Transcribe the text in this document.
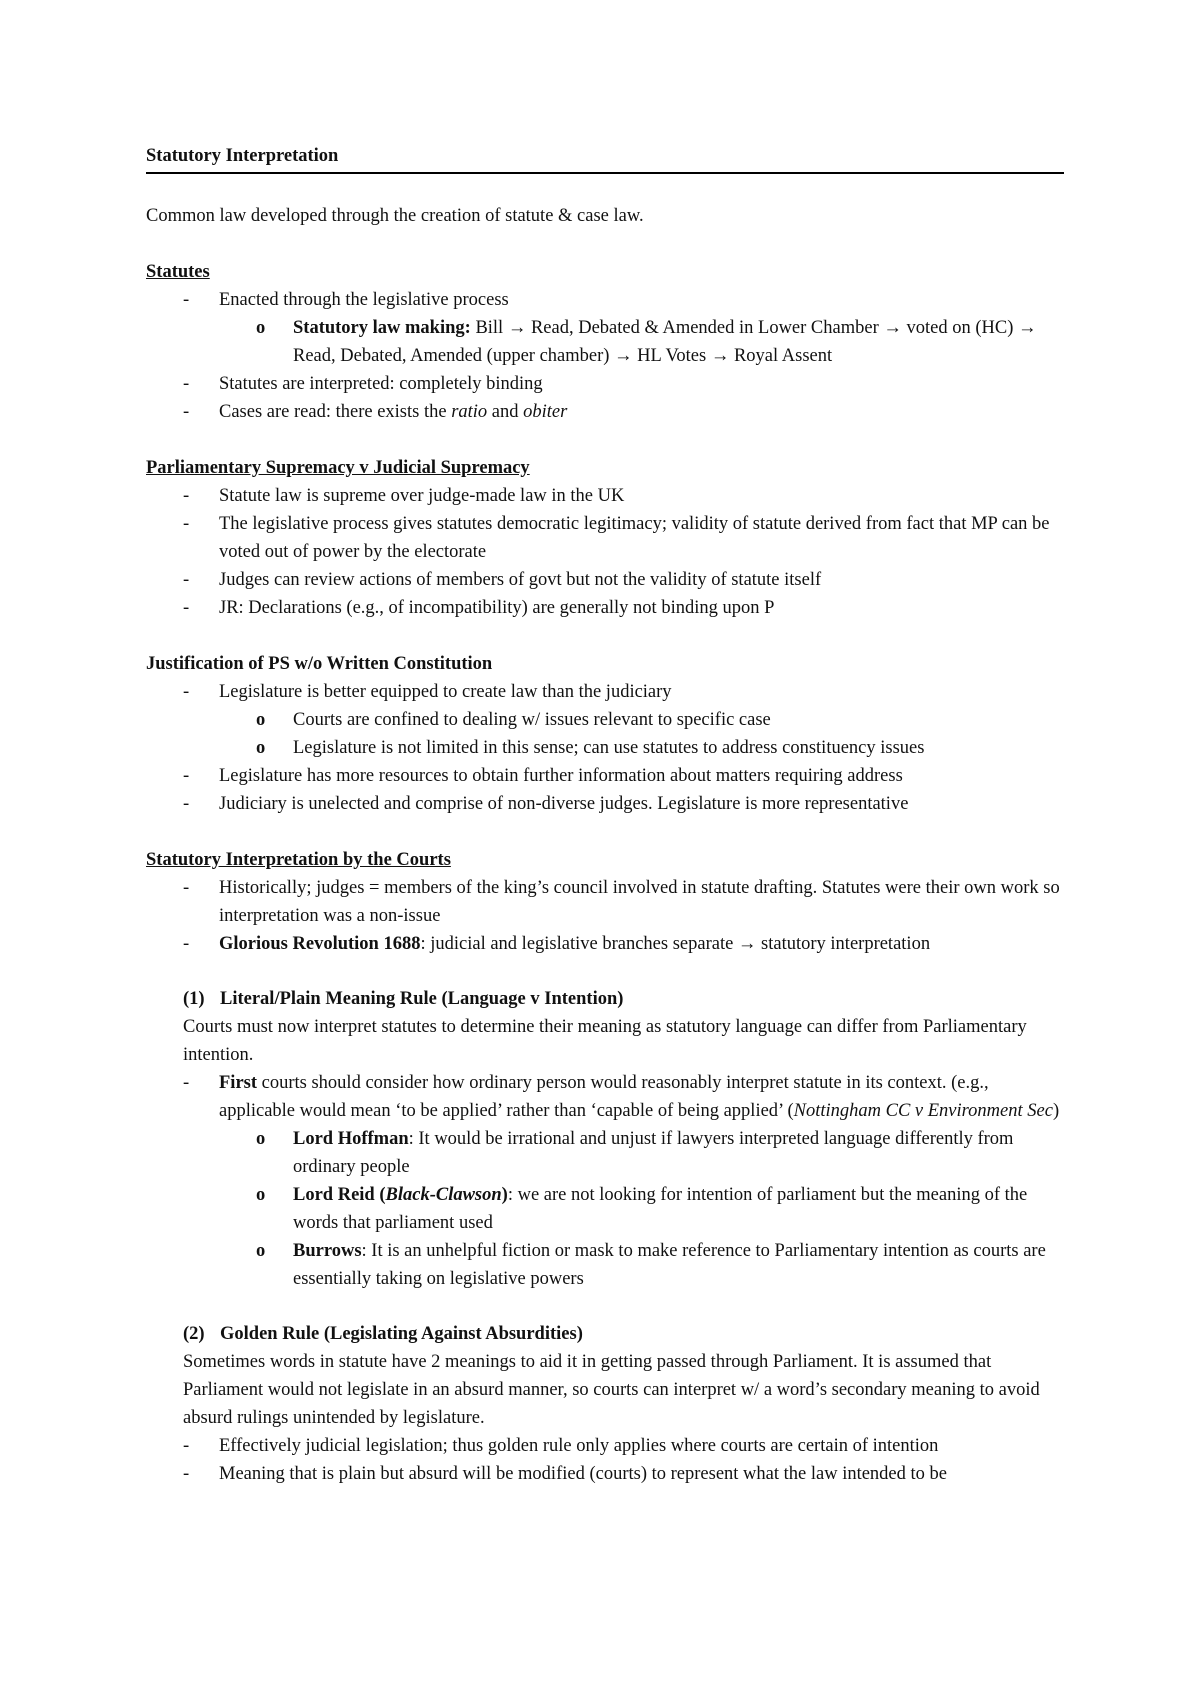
Statutory Interpretation

Common law developed through the creation of statute & case law.

Statutes
- Enacted through the legislative process
o Statutory law making: Bill → Read, Debated & Amended in Lower Chamber → voted on (HC) → Read, Debated, Amended (upper chamber) → HL Votes → Royal Assent
- Statutes are interpreted: completely binding
- Cases are read: there exists the ratio and obiter
Parliamentary Supremacy v Judicial Supremacy
- Statute law is supreme over judge-made law in the UK
- The legislative process gives statutes democratic legitimacy; validity of statute derived from fact that MP can be voted out of power by the electorate
- Judges can review actions of members of govt but not the validity of statute itself
- JR: Declarations (e.g., of incompatibility) are generally not binding upon P
Justification of PS w/o Written Constitution
- Legislature is better equipped to create law than the judiciary
o Courts are confined to dealing w/ issues relevant to specific case
o Legislature is not limited in this sense; can use statutes to address constituency issues
- Legislature has more resources to obtain further information about matters requiring address
- Judiciary is unelected and comprise of non-diverse judges. Legislature is more representative
Statutory Interpretation by the Courts
- Historically; judges = members of the king’s council involved in statute drafting. Statutes were their own work so interpretation was a non-issue
- Glorious Revolution 1688: judicial and legislative branches separate → statutory interpretation
(1) Literal/Plain Meaning Rule (Language v Intention)

Courts must now interpret statutes to determine their meaning as statutory language can differ from Parliamentary intention.

- First courts should consider how ordinary person would reasonably interpret statute in its context. (e.g., applicable would mean ‘to be applied’ rather than ‘capable of being applied’ (Nottingham CC v Environment Sec)
o Lord Hoffman: It would be irrational and unjust if lawyers interpreted language differently from ordinary people
o Lord Reid (Black-Clawson): we are not looking for intention of parliament but the meaning of the words that parliament used
o Burrows: It is an unhelpful fiction or mask to make reference to Parliamentary intention as courts are essentially taking on legislative powers
(2) Golden Rule (Legislating Against Absurdities)

Sometimes words in statute have 2 meanings to aid it in getting passed through Parliament. It is assumed that Parliament would not legislate in an absurd manner, so courts can interpret w/ a word’s secondary meaning to avoid absurd rulings unintended by legislature.

- Effectively judicial legislation; thus golden rule only applies where courts are certain of intention
- Meaning that is plain but absurd will be modified (courts) to represent what the law intended to be
